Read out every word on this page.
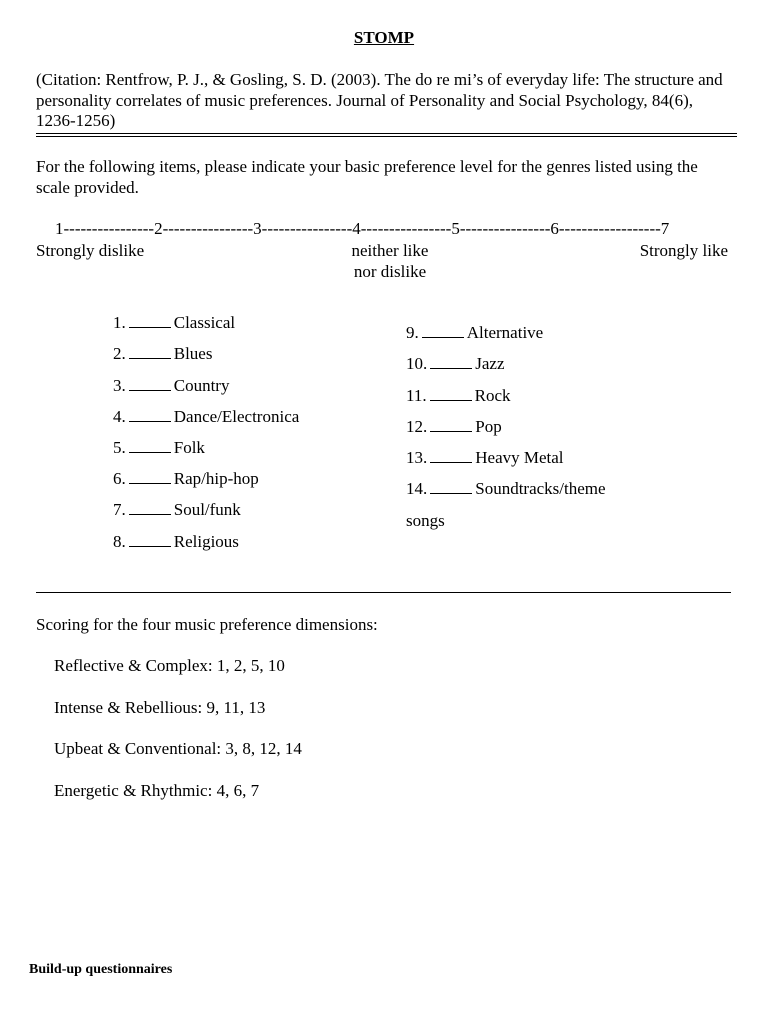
STOMP
(Citation: Rentfrow, P. J., & Gosling, S. D. (2003). The do re mi’s of everyday life: The structure and personality correlates of music preferences. Journal of Personality and Social Psychology, 84(6), 1236-1256)
For the following items, please indicate your basic preference level for the genres listed using the scale provided.
1----------------2----------------3----------------4----------------5----------------6------------------7
Strongly dislike	neither like
nor dislike
Strongly like
1.	Classical
2.	Blues
3.	Country
4.	Dance/Electronica
5.	Folk
6.	Rap/hip-hop
7.	Soul/funk
8.	Religious
9.	Alternative
10.	Jazz
11.	Rock
12.	Pop
13.	Heavy Metal
14.	Soundtracks/theme
songs
Scoring for the four music preference dimensions:
Reflective & Complex: 1, 2, 5, 10
Intense & Rebellious: 9, 11, 13
Upbeat & Conventional: 3, 8, 12, 14
Energetic & Rhythmic: 4, 6, 7
Build-up questionnaires
